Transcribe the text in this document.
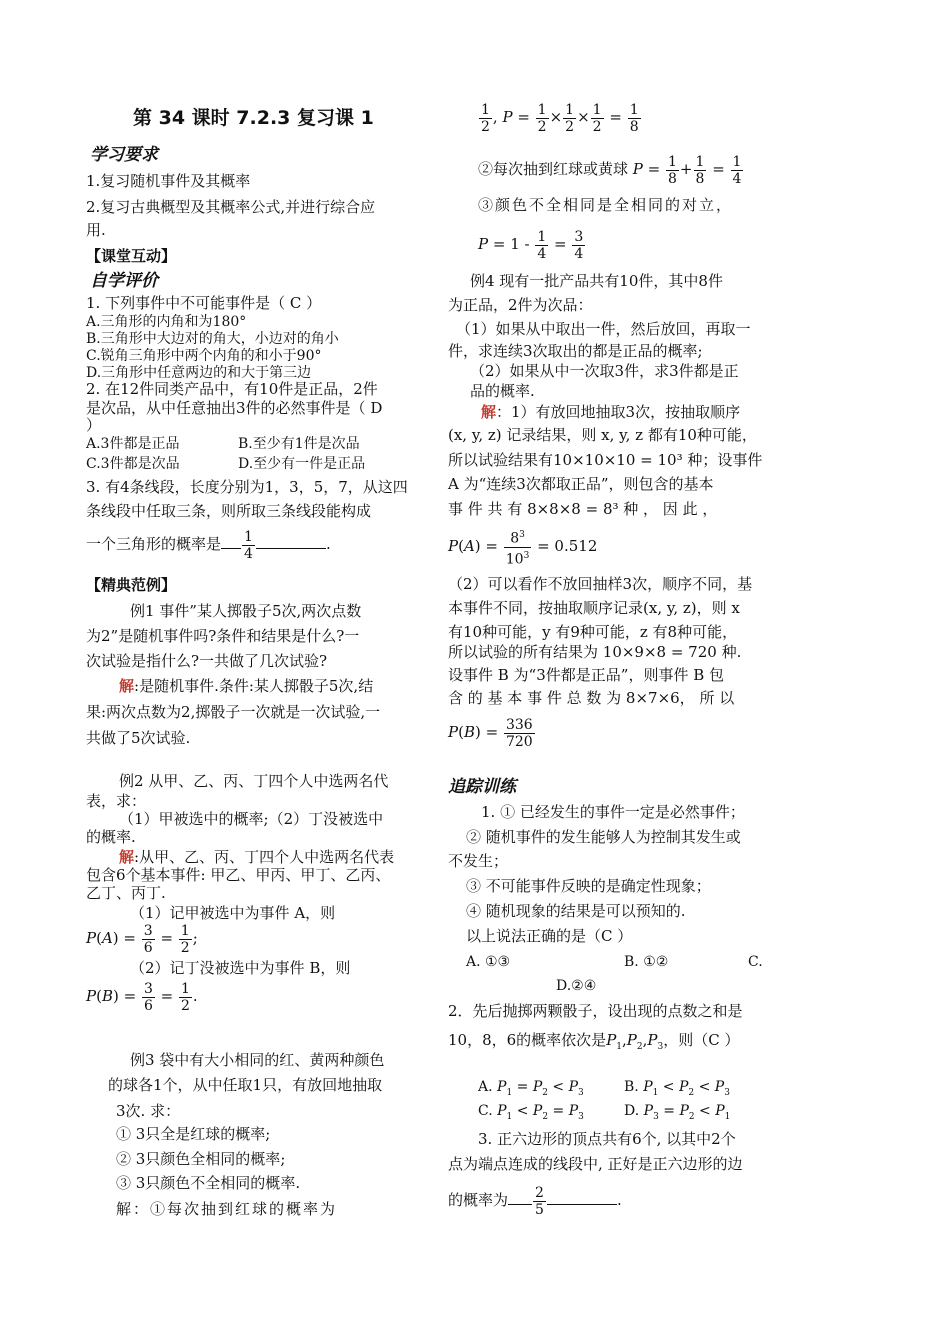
第 34 课时 7.2.3 复习课 1
学习要求
1.复习随机事件及其概率
2.复习古典概型及其概率公式,并进行综合应
用.
【课堂互动】
自学评价
1. 下列事件中不可能事件是（ C ）
A.三角形的内角和为180°
B.三角形中大边对的角大，小边对的角小
C.锐角三角形中两个内角的和小于90°
D.三角形中任意两边的和大于第三边
2. 在12件同类产品中，有10件是正品，2件
是次品，从中任意抽出3件的必然事件是（ D
）
A.3件都是正品	B.至少有1件是次品
C.3件都是次品	D.至少有一件是正品
3. 有4条线段，长度分别为1，3，5，7，从这四
条线段中任取三条，则所取三条线段能构成
一个三角形的概率是 $\frac{1}{4}$	.
【精典范例】
例1 事件”某人掷骰子5次,两次点数
为2”是随机事件吗?条件和结果是什么?一
次试验是指什么?一共做了几次试验?
解:是随机事件.条件:某人掷骰子5次,结
果:两次点数为2,掷骰子一次就是一次试验,一
共做了5次试验.
例2 从甲、乙、丙、丁四个人中选两名代
表，求：
（1）甲被选中的概率;（2）丁没被选中
的概率.
解:从甲、乙、丙、丁四个人中选两名代表
包含6个基本事件: 甲乙、甲丙、甲丁、乙丙、
乙丁、丙丁.
（1）记甲被选中为事件 A，则
$P(A) = \frac{3}{6} = \frac{1}{2}$ ;
（2）记丁没被选中为事件 B，则
$P(B) = \frac{3}{6} = \frac{1}{2}$ .
例3 袋中有大小相同的红、黄两种颜色
的球各1个，从中任取1只，有放回地抽取
3次. 求：
① 3只全是红球的概率;
② 3只颜色全相同的概率;
③ 3只颜色不全相同的概率.
解：①每次抽到红球的概率为
$\frac{1}{2}$ , $P = \frac{1}{2} \times \frac{1}{2} \times \frac{1}{2} = \frac{1}{8}$
②每次抽到红球或黄球 $P = \frac{1}{8} + \frac{1}{8} = \frac{1}{4}$
③颜色不全相同是全相同的对立，
$P = 1 - \frac{1}{4} = \frac{3}{4}$
例4 现有一批产品共有10件，其中8件
为正品，2件为次品：
（1）如果从中取出一件，然后放回，再取一
件，求连续3次取出的都是正品的概率;
（2）如果从中一次取3件，求3件都是正
品的概率.
解：1）有放回地抽取3次，按抽取顺序
(x, y, z) 记录结果，则 x, y, z 都有10种可能，
所以试验结果有10×10×10 = 10³ 种；设事件
A 为“连续3次都取正品”，则包含的基本
事 件 共 有 8×8×8 = 8³ 种 ， 因 此 ，
$P(A) = \frac{8^3}{10^3} = 0.512$
（2）可以看作不放回抽样3次，顺序不同，基
本事件不同，按抽取顺序记录(x, y, z)，则 x
有10种可能，y 有9种可能，z 有8种可能，
所以试验的所有结果为 10×9×8 = 720 种.
设事件 B 为“3件都是正品”，则事件 B 包
含 的 基 本 事 件 总 数 为 8×7×6， 所 以
$P(B) = \frac{336}{720}$
追踪训练
1. ① 已经发生的事件一定是必然事件；
② 随机事件的发生能够人为控制其发生或
不发生；
③ 不可能事件反映的是确定性现象；
④ 随机现象的结果是可以预知的.
以上说法正确的是（C ）
A. ①③	B. ①②	C.
D.②④
2．先后抛掷两颗骰子，设出现的点数之和是
10，8，6的概率依次是$P_1,P_2,P_3$，则（C ）
A. $P_1 = P_2 < P_3$	B. $P_1 < P_2 < P_3$
C. $P_1 < P_2 = P_3$	D. $P_3 = P_2 < P_1$
3. 正六边形的顶点共有6个, 以其中2个
点为端点连成的线段中, 正好是正六边形的边
的概率为 $\frac{2}{5}$	.
